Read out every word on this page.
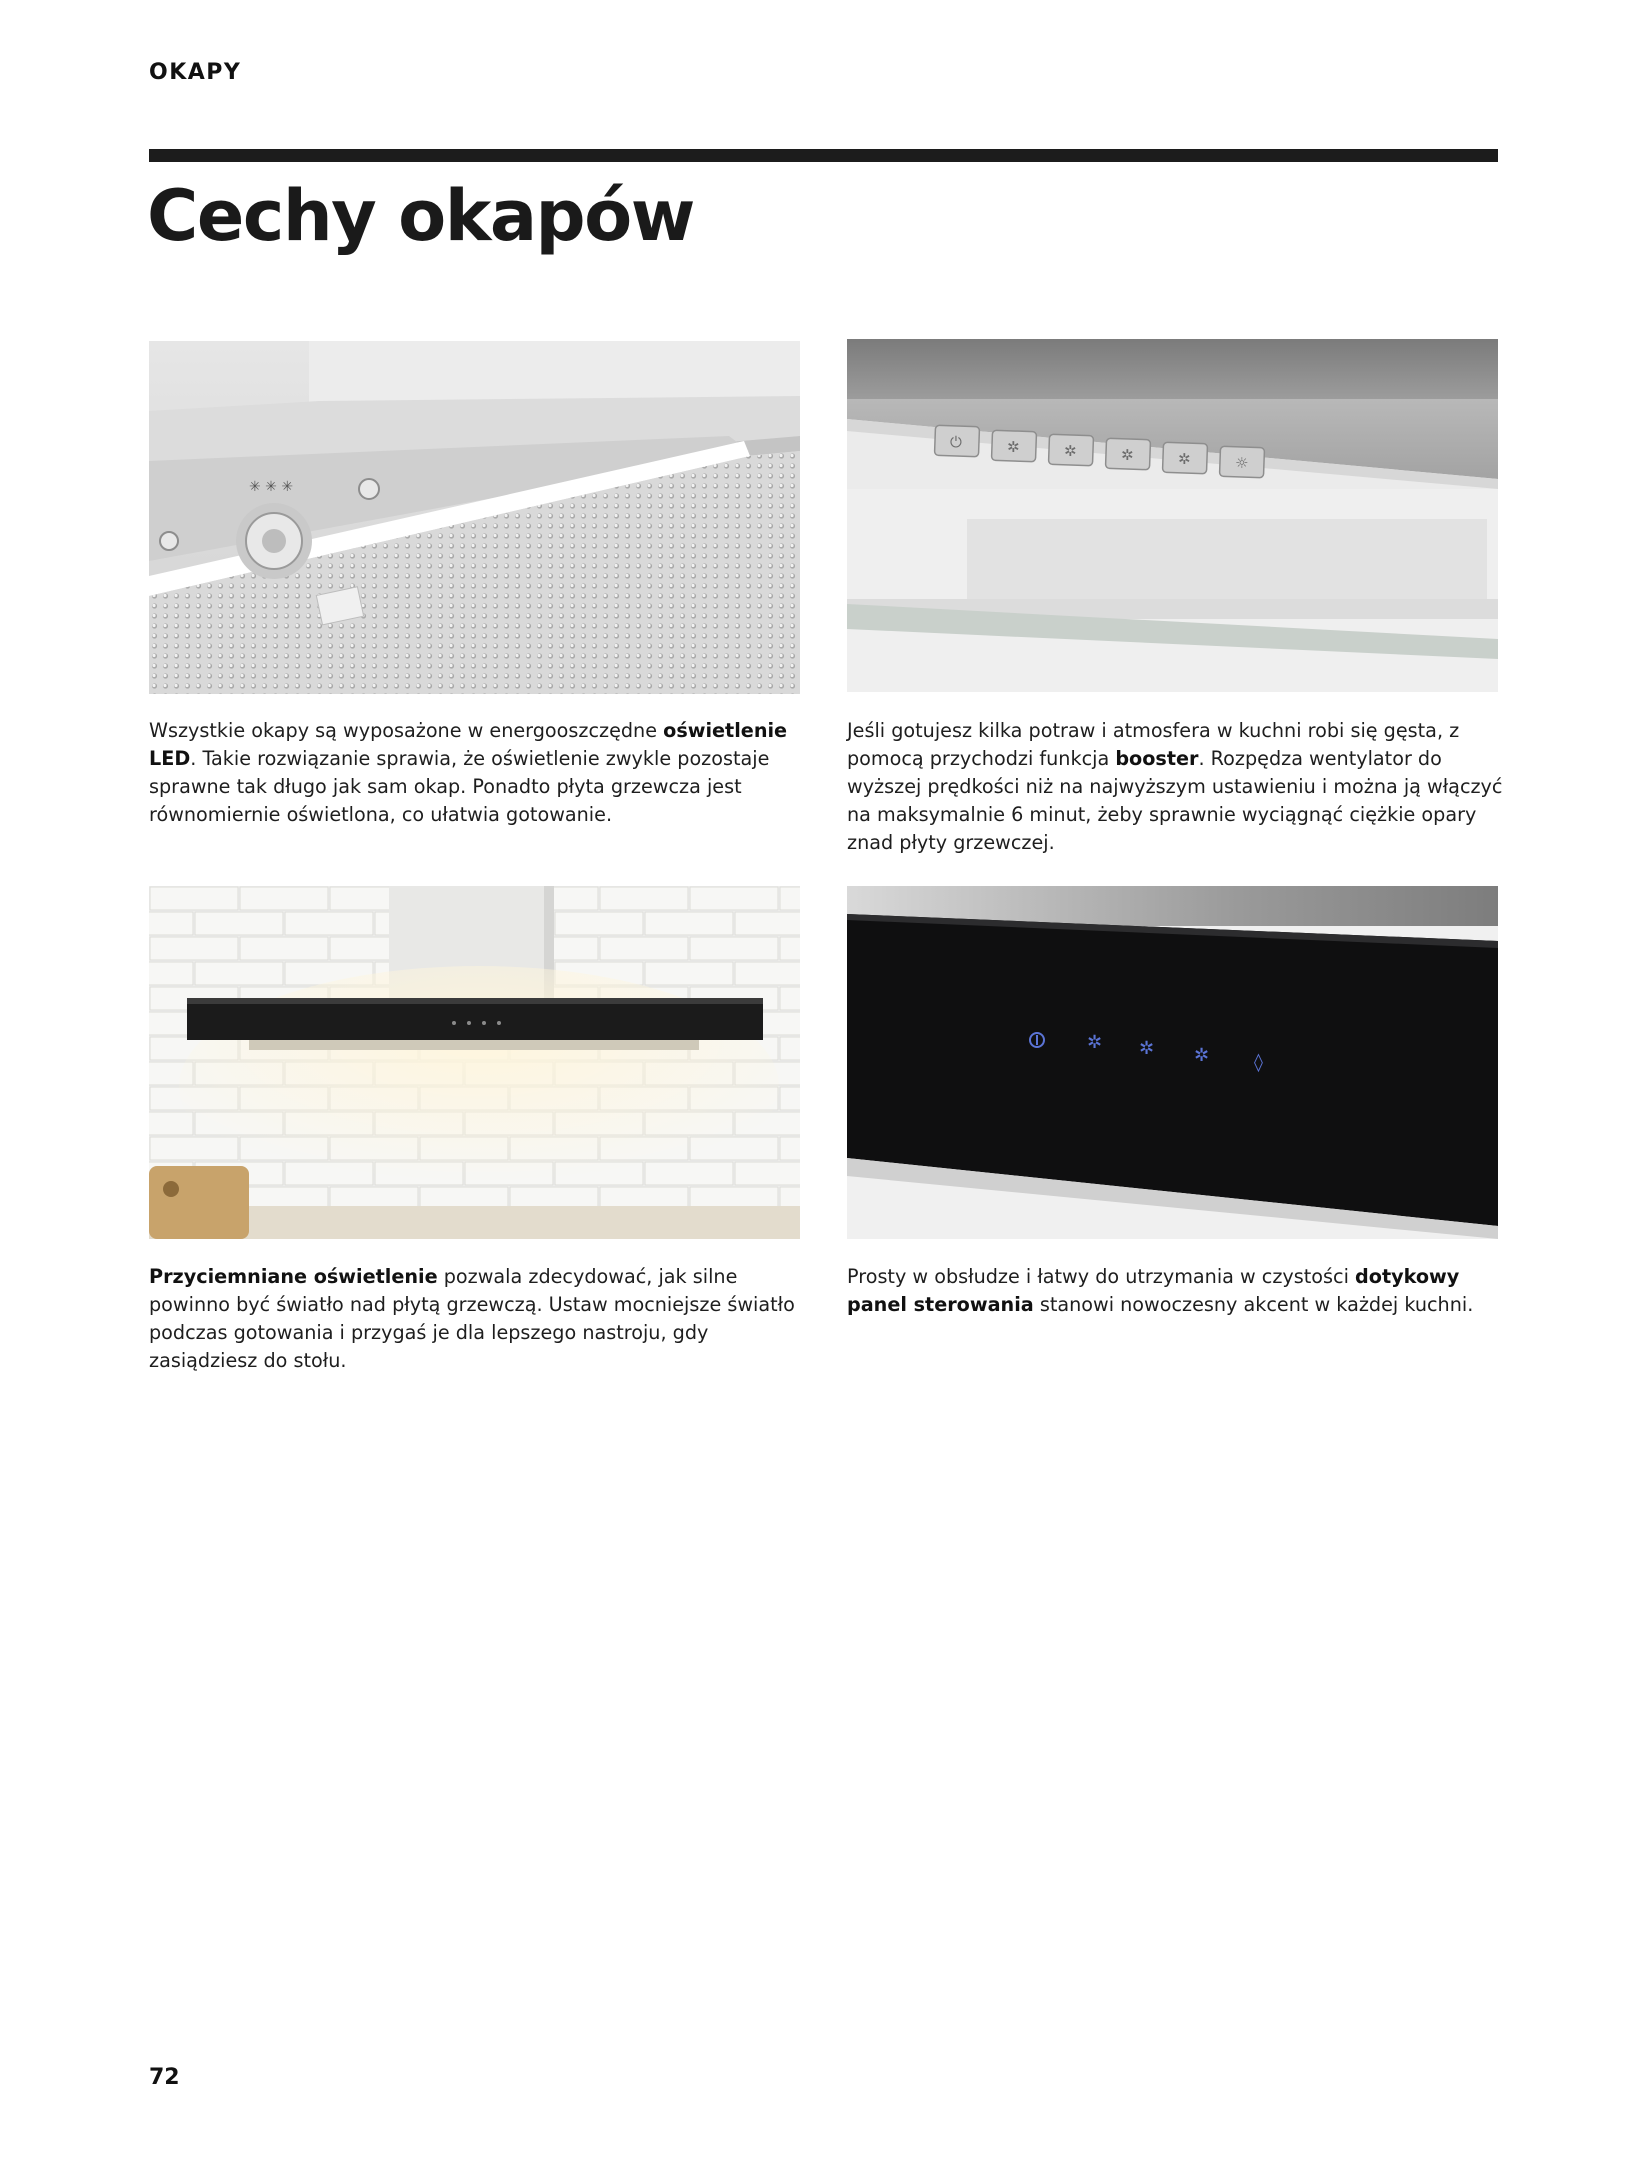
OKAPY
Cechy okapów
✳ ✳ ✳
⏻	✲	✲	✲	✲	☼
✲ ✲ ✲ ◊

Wszystkie okapy są wyposażone w energooszczędne oświetlenie LED. Takie rozwiązanie sprawia, że oświetlenie zwykle pozostaje sprawne tak długo jak sam okap. Ponadto płyta grzewcza jest równomiernie oświetlona, co ułatwia gotowanie.

Jeśli gotujesz kilka potraw i atmosfera w kuchni robi się gęsta, z pomocą przychodzi funkcja booster. Rozpędza wentylator do wyższej prędkości niż na najwyższym ustawieniu i można ją włączyć na maksymalnie 6 minut, żeby sprawnie wyciągnąć ciężkie opary znad płyty grzewczej.

Przyciemniane oświetlenie pozwala zdecydować, jak silne powinno być światło nad płytą grzewczą. Ustaw mocniejsze światło podczas gotowania i przygaś je dla lepszego nastroju, gdy zasiądziesz do stołu.

Prosty w obsłudze i łatwy do utrzymania w czystości dotykowy panel sterowania stanowi nowoczesny akcent w każdej kuchni.

72
